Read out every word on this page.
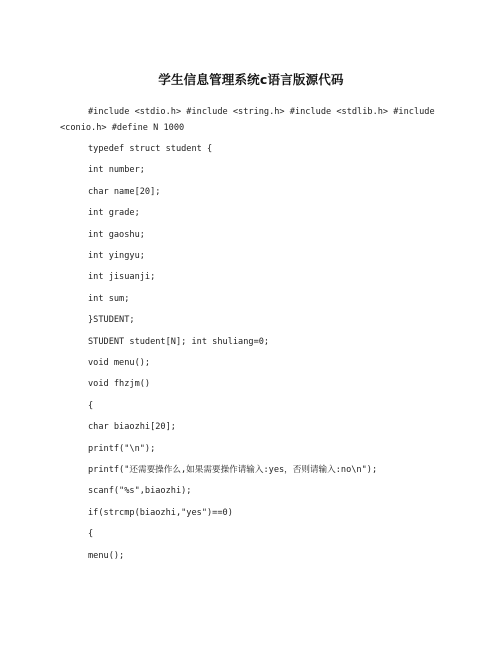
学生信息管理系统c语言版源代码
#include <stdio.h> #include <string.h> #include <stdlib.h> #include <conio.h> #define N 1000
typedef struct student {
int number;
char name[20];
int grade;
int gaoshu;
int yingyu;
int jisuanji;
int sum;
}STUDENT;
STUDENT student[N]; int shuliang=0;
void menu();
void fhzjm()
{
char biaozhi[20];
printf("\n");
printf("还需要操作么,如果需要操作请输入:yes，否则请输入:no\n");
scanf("%s",biaozhi);
if(strcmp(biaozhi,"yes")==0)
{
menu();
